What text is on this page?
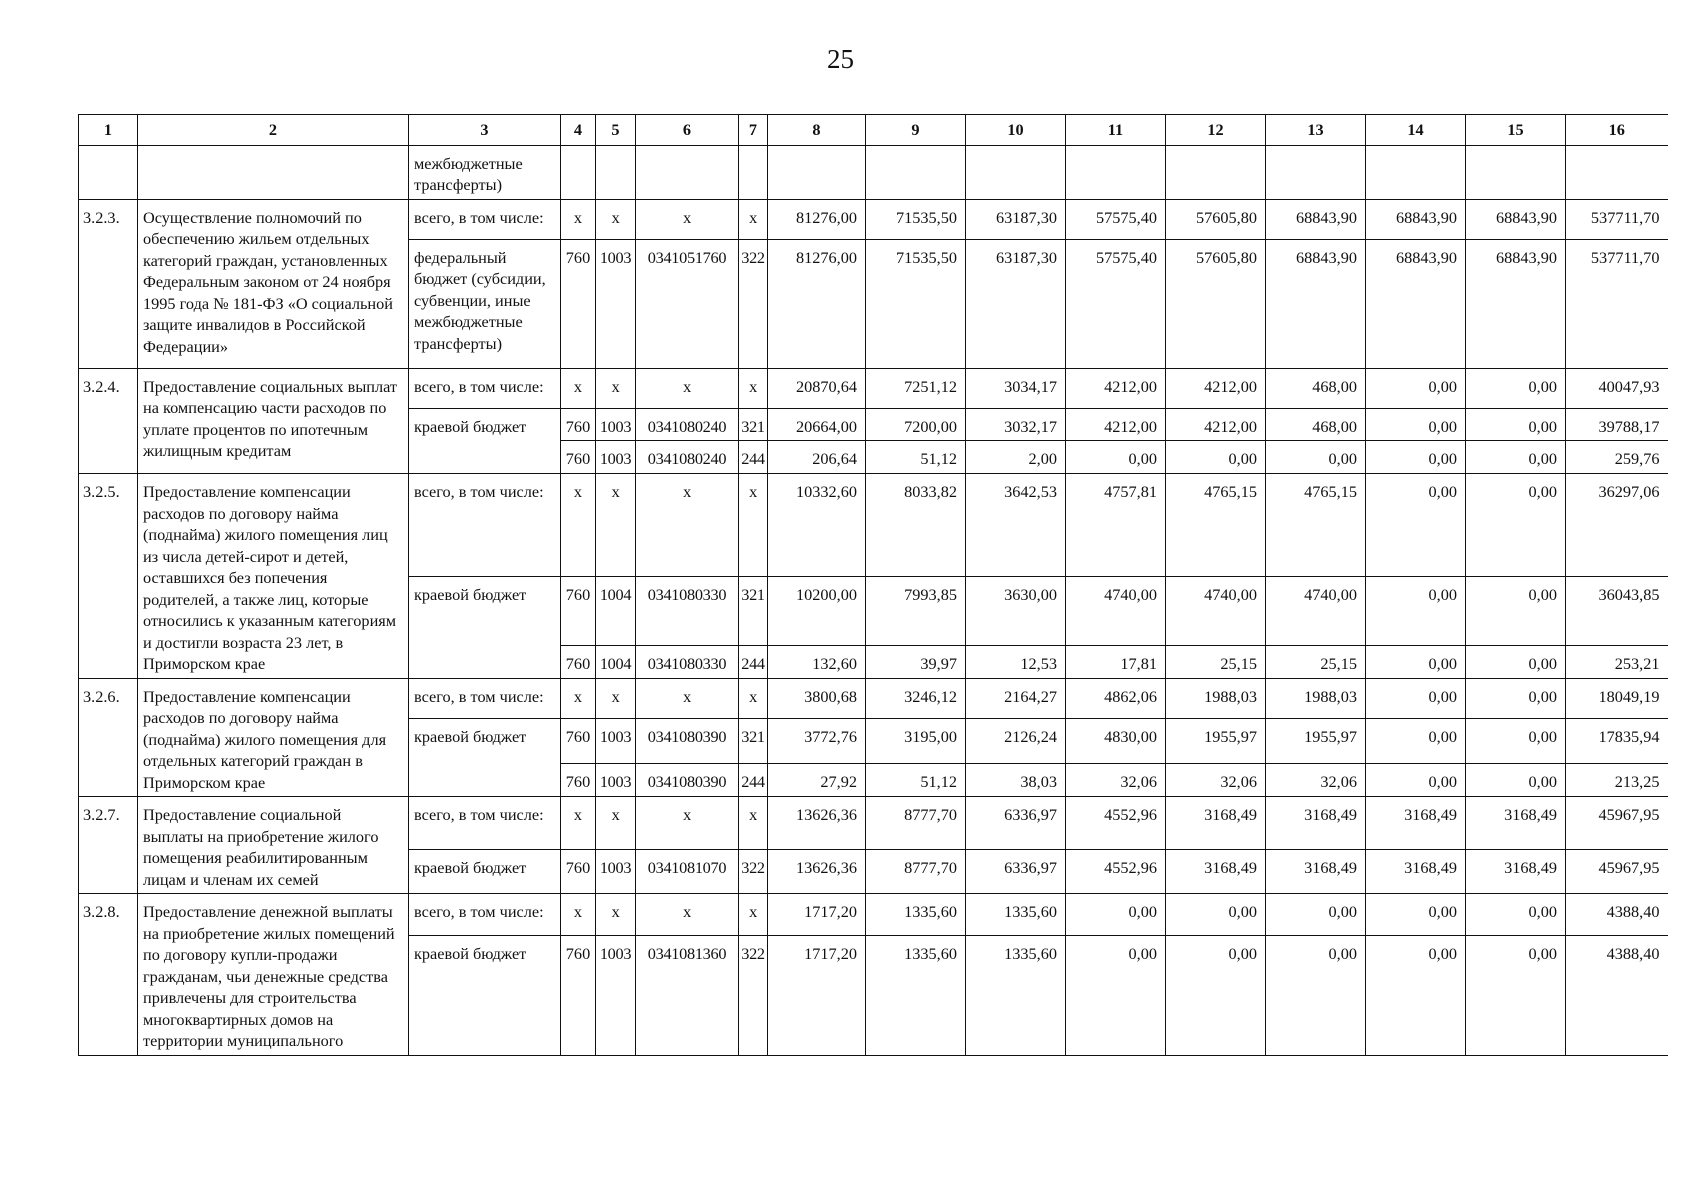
25
1	2	3	4	5	6	7	8	9	10	11	12	13	14	15	16
		межбюджетные трансферты)													
3.2.3.	Осуществление полномочий по обеспечению жильем отдельных категорий граждан, установленных Федеральным законом от 24 ноября 1995 года № 181-ФЗ «О социальной защите инвалидов в Российской Федерации»	всего, в том числе:	x	x	x	x	81276,00	71535,50	63187,30	57575,40	57605,80	68843,90	68843,90	68843,90	537711,70
		федеральный бюджет (субсидии, субвенции, иные межбюджетные трансферты)	760	1003	0341051760	322	81276,00	71535,50	63187,30	57575,40	57605,80	68843,90	68843,90	68843,90	537711,70
3.2.4.	Предоставление социальных выплат на компенсацию части расходов по уплате процентов по ипотечным жилищным кредитам	всего, в том числе:	x	x	x	x	20870,64	7251,12	3034,17	4212,00	4212,00	468,00	0,00	0,00	40047,93
		краевой бюджет	760	1003	0341080240	321	20664,00	7200,00	3032,17	4212,00	4212,00	468,00	0,00	0,00	39788,17
			760	1003	0341080240	244	206,64	51,12	2,00	0,00	0,00	0,00	0,00	0,00	259,76
3.2.5.	Предоставление компенсации расходов по договору найма (поднайма) жилого помещения лиц из числа детей-сирот и детей, оставшихся без попечения родителей, а также лиц, которые относились к указанным категориям и достигли возраста 23 лет, в Приморском крае	всего, в том числе:	x	x	x	x	10332,60	8033,82	3642,53	4757,81	4765,15	4765,15	0,00	0,00	36297,06
		краевой бюджет	760	1004	0341080330	321	10200,00	7993,85	3630,00	4740,00	4740,00	4740,00	0,00	0,00	36043,85
			760	1004	0341080330	244	132,60	39,97	12,53	17,81	25,15	25,15	0,00	0,00	253,21
3.2.6.	Предоставление компенсации расходов по договору найма (поднайма) жилого помещения для отдельных категорий граждан в Приморском крае	всего, в том числе:	x	x	x	x	3800,68	3246,12	2164,27	4862,06	1988,03	1988,03	0,00	0,00	18049,19
		краевой бюджет	760	1003	0341080390	321	3772,76	3195,00	2126,24	4830,00	1955,97	1955,97	0,00	0,00	17835,94
			760	1003	0341080390	244	27,92	51,12	38,03	32,06	32,06	32,06	0,00	0,00	213,25
3.2.7.	Предоставление социальной выплаты на приобретение жилого помещения реабилитированным лицам и членам их семей	всего, в том числе:	x	x	x	x	13626,36	8777,70	6336,97	4552,96	3168,49	3168,49	3168,49	3168,49	45967,95
		краевой бюджет	760	1003	0341081070	322	13626,36	8777,70	6336,97	4552,96	3168,49	3168,49	3168,49	3168,49	45967,95
3.2.8.	Предоставление денежной выплаты на приобретение жилых помещений по договору купли-продажи гражданам, чьи денежные средства привлечены для строительства многоквартирных домов на территории муниципального	всего, в том числе:	x	x	x	x	1717,20	1335,60	1335,60	0,00	0,00	0,00	0,00	0,00	4388,40
		краевой бюджет	760	1003	0341081360	322	1717,20	1335,60	1335,60	0,00	0,00	0,00	0,00	0,00	4388,40
